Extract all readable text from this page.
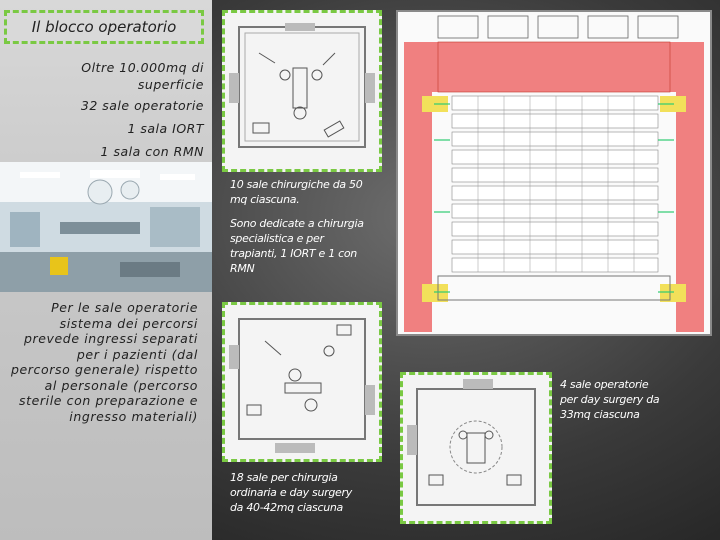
Il blocco operatorio
Oltre 10.000mq di
superficie
32 sale operatorie
1 sala IORT
1 sala con RMN
Per le sale operatorie
sistema dei percorsi
prevede ingressi separati
per i pazienti (dal
percorso generale) rispetto
al personale (percorso
sterile con preparazione e
ingresso materiali)
10 sale chirurgiche da 50
mq ciascuna.
Sono dedicate a chirurgia
specialistica e per
trapianti, 1 IORT e 1 con
RMN
18 sale per chirurgia
ordinaria e day surgery
da 40-42mq ciascuna
4 sale operatorie
per day surgery da
33mq ciascuna
